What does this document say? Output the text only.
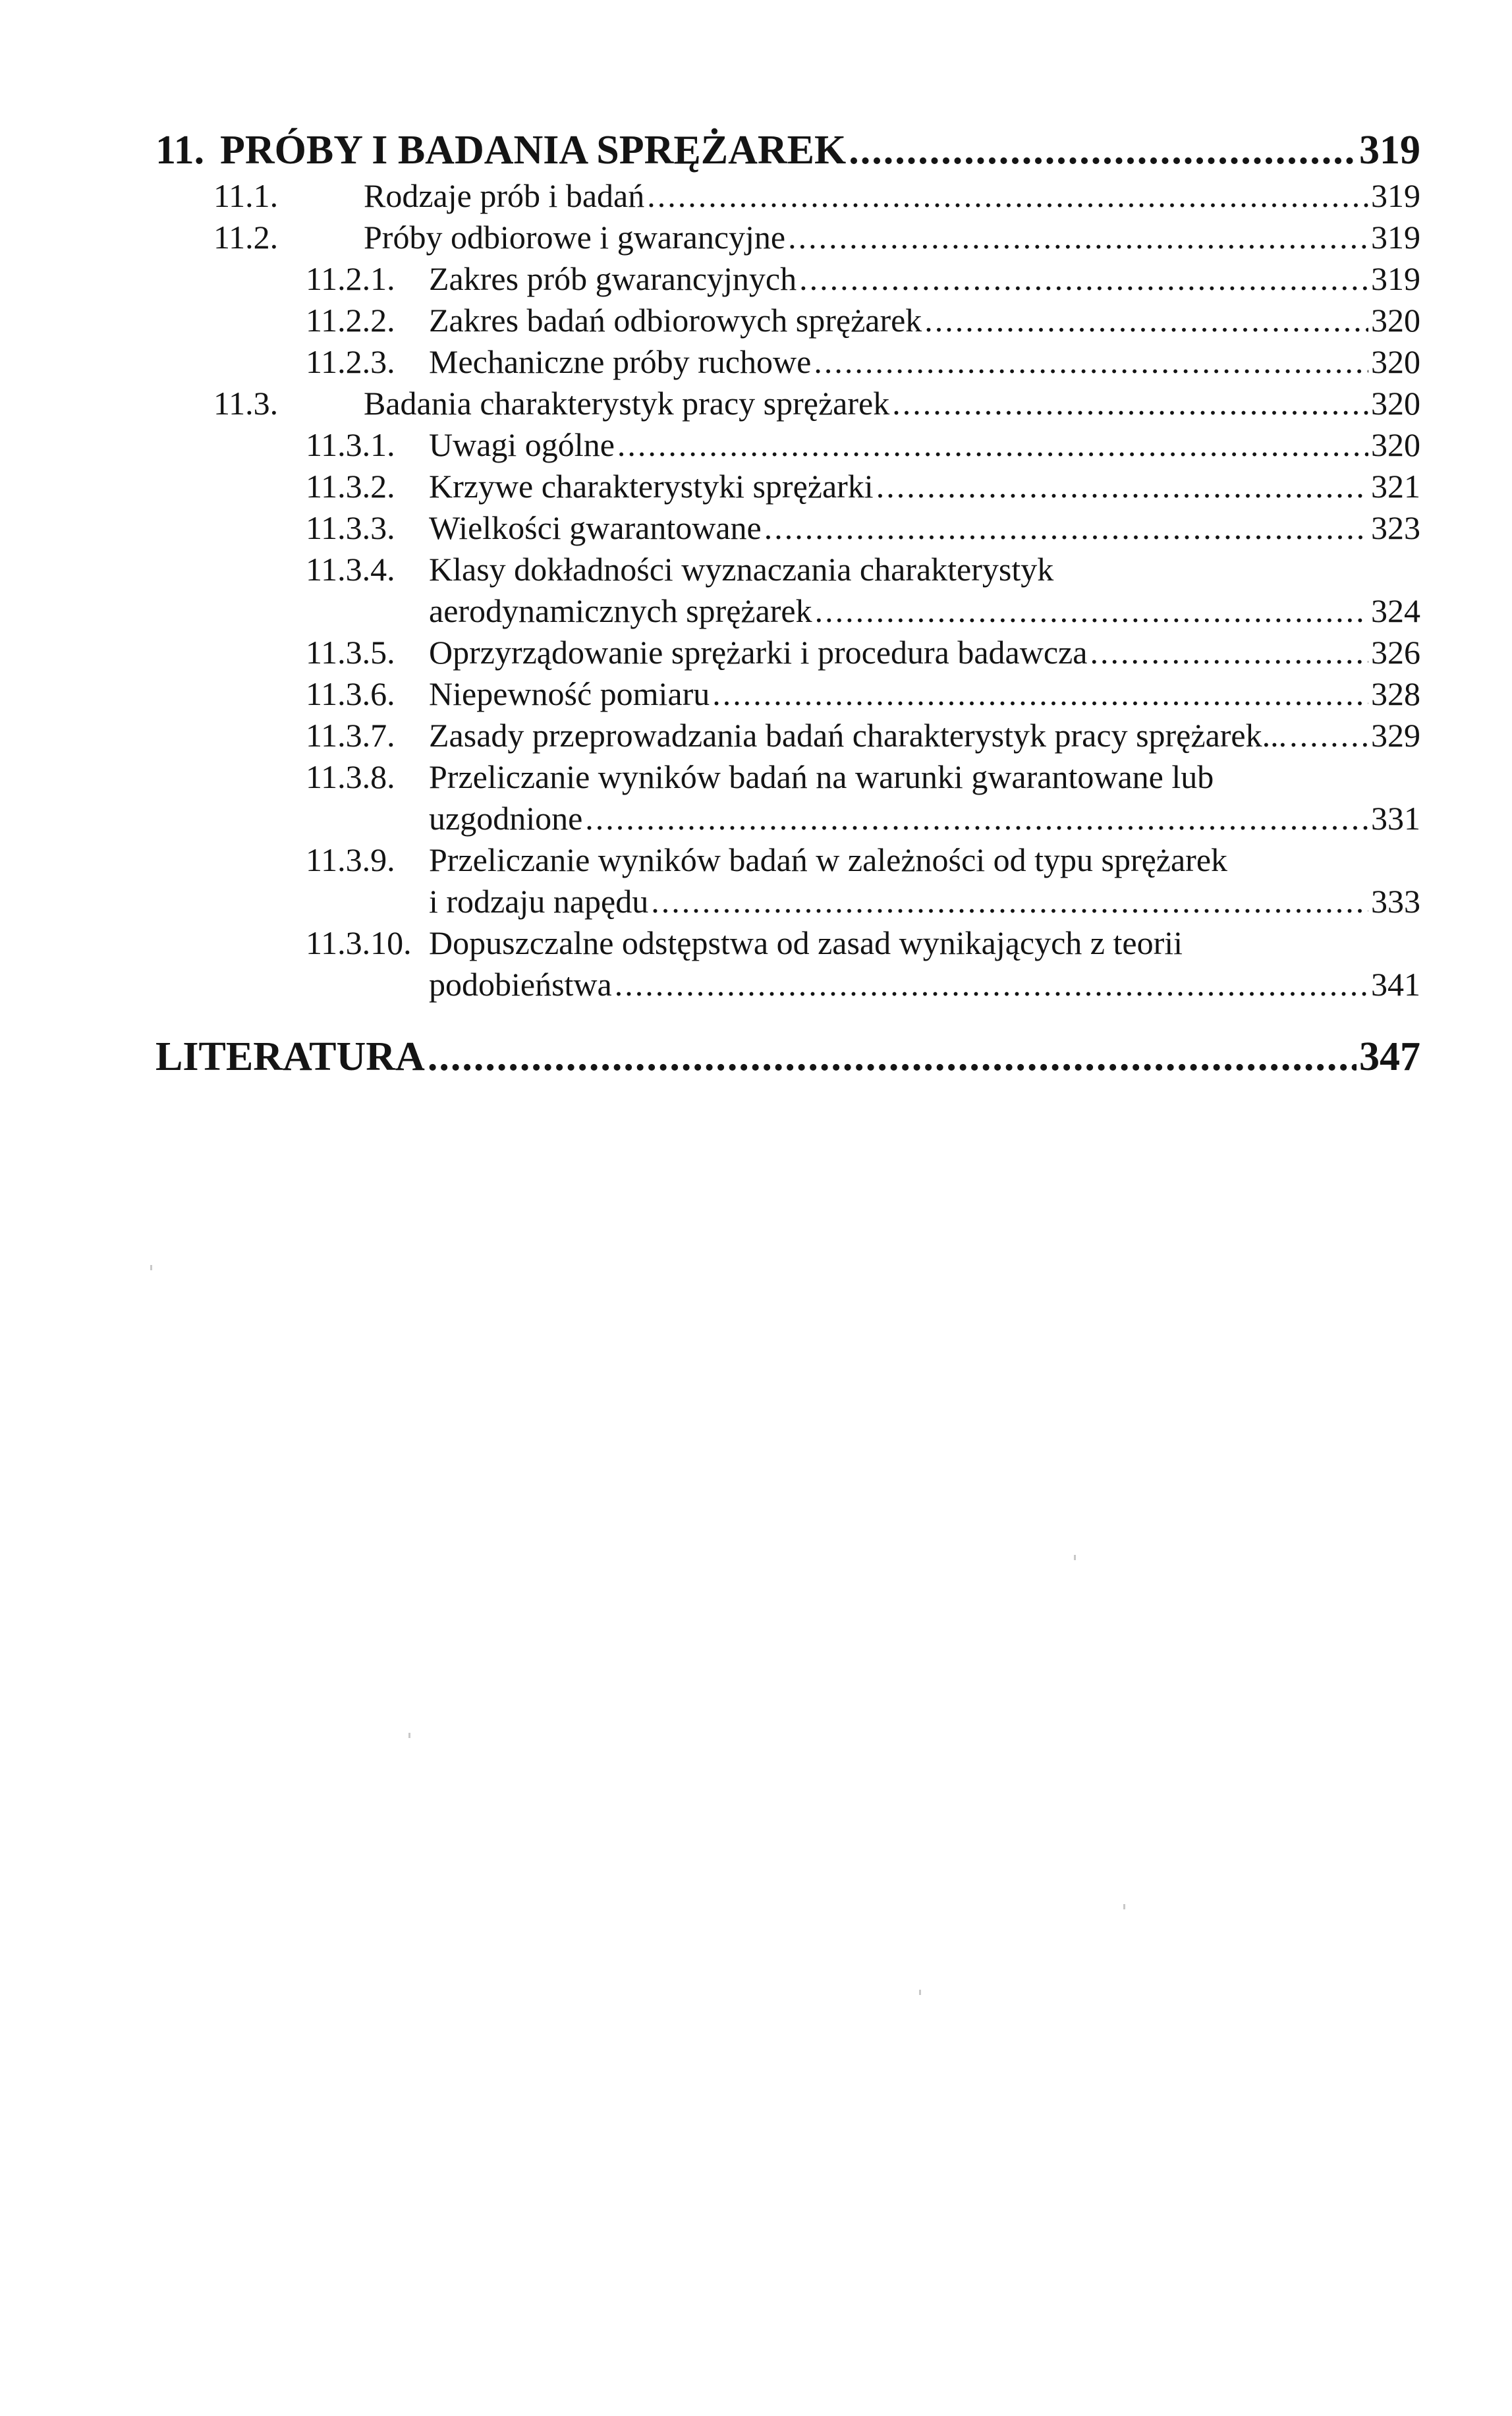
11. PRÓBY I BADANIA SPRĘŻAREK .....	319
11.1.	Rodzaje prób i badań .....	319
11.2.	Próby odbiorowe i gwarancyjne .....	319
11.2.1.	Zakres prób gwarancyjnych .....	319
11.2.2.	Zakres badań odbiorowych sprężarek .....	320
11.2.3.	Mechaniczne próby ruchowe .....	320
11.3.	Badania charakterystyk pracy sprężarek .....	320
11.3.1.	Uwagi ogólne .....	320
11.3.2.	Krzywe charakterystyki sprężarki .....	321
11.3.3.	Wielkości gwarantowane .....	323
11.3.4.	Klasy dokładności wyznaczania charakterystyk
aerodynamicznych sprężarek .....	324
11.3.5.	Oprzyrządowanie sprężarki i procedura badawcza .....	326
11.3.6.	Niepewność pomiaru .....	328
11.3.7.	Zasady przeprowadzania badań charakterystyk pracy sprężarek... .....	329
11.3.8.	Przeliczanie wyników badań na warunki gwarantowane lub
uzgodnione .....	331
11.3.9.	Przeliczanie wyników badań w zależności od typu sprężarek
i rodzaju napędu .....	333
11.3.10. Dopuszczalne odstępstwa od zasad wynikających z teorii
podobieństwa .....	341
LITERATURA .....	347
